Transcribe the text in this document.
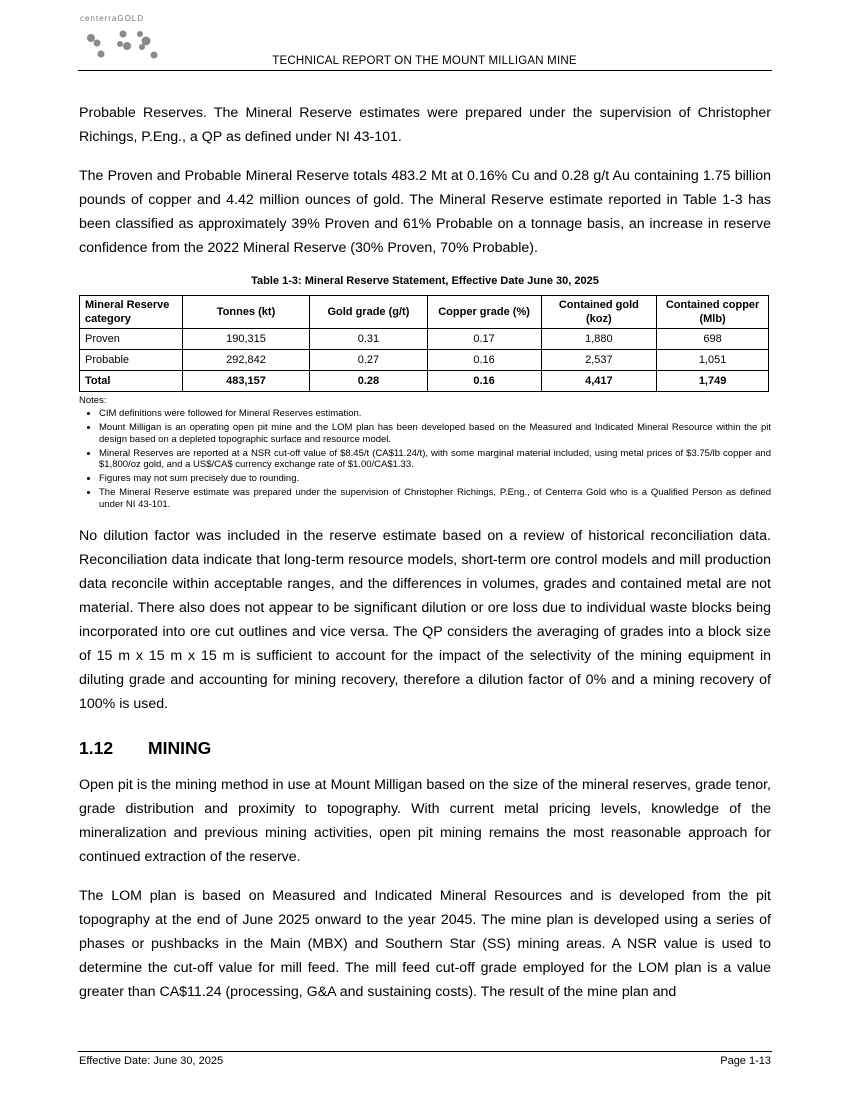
centerraGOLD
TECHNICAL REPORT ON THE MOUNT MILLIGAN MINE

Probable Reserves. The Mineral Reserve estimates were prepared under the supervision of Christopher Richings, P.Eng., a QP as defined under NI 43-101.

The Proven and Probable Mineral Reserve totals 483.2 Mt at 0.16% Cu and 0.28 g/t Au containing 1.75 billion pounds of copper and 4.42 million ounces of gold. The Mineral Reserve estimate reported in Table 1-3 has been classified as approximately 39% Proven and 61% Probable on a tonnage basis, an increase in reserve confidence from the 2022 Mineral Reserve (30% Proven, 70% Probable).

Table 1-3: Mineral Reserve Statement, Effective Date June 30, 2025
Mineral Reserve category	Tonnes (kt)	Gold grade (g/t)	Copper grade (%)	Contained gold (koz)	Contained copper (Mlb)
Proven	190,315	0.31	0.17	1,880	698
Probable	292,842	0.27	0.16	2,537	1,051
Total	483,157	0.28	0.16	4,417	1,749
Notes:
• CIM definitions were followed for Mineral Reserves estimation.
• Mount Milligan is an operating open pit mine and the LOM plan has been developed based on the Measured and Indicated Mineral Resource within the pit design based on a depleted topographic surface and resource model.
• Mineral Reserves are reported at a NSR cut-off value of $8.45/t (CA$11.24/t), with some marginal material included, using metal prices of $3.75/lb copper and $1,800/oz gold, and a US$/CA$ currency exchange rate of $1.00/CA$1.33.
• Figures may not sum precisely due to rounding.
• The Mineral Reserve estimate was prepared under the supervision of Christopher Richings, P.Eng., of Centerra Gold who is a Qualified Person as defined under NI 43-101.

No dilution factor was included in the reserve estimate based on a review of historical reconciliation data. Reconciliation data indicate that long-term resource models, short-term ore control models and mill production data reconcile within acceptable ranges, and the differences in volumes, grades and contained metal are not material. There also does not appear to be significant dilution or ore loss due to individual waste blocks being incorporated into ore cut outlines and vice versa. The QP considers the averaging of grades into a block size of 15 m x 15 m x 15 m is sufficient to account for the impact of the selectivity of the mining equipment in diluting grade and accounting for mining recovery, therefore a dilution factor of 0% and a mining recovery of 100% is used.

1.12 MINING

Open pit is the mining method in use at Mount Milligan based on the size of the mineral reserves, grade tenor, grade distribution and proximity to topography. With current metal pricing levels, knowledge of the mineralization and previous mining activities, open pit mining remains the most reasonable approach for continued extraction of the reserve.

The LOM plan is based on Measured and Indicated Mineral Resources and is developed from the pit topography at the end of June 2025 onward to the year 2045. The mine plan is developed using a series of phases or pushbacks in the Main (MBX) and Southern Star (SS) mining areas. A NSR value is used to determine the cut-off value for mill feed. The mill feed cut-off grade employed for the LOM plan is a value greater than CA$11.24 (processing, G&A and sustaining costs). The result of the mine plan and

Effective Date: June 30, 2025	Page 1-13
